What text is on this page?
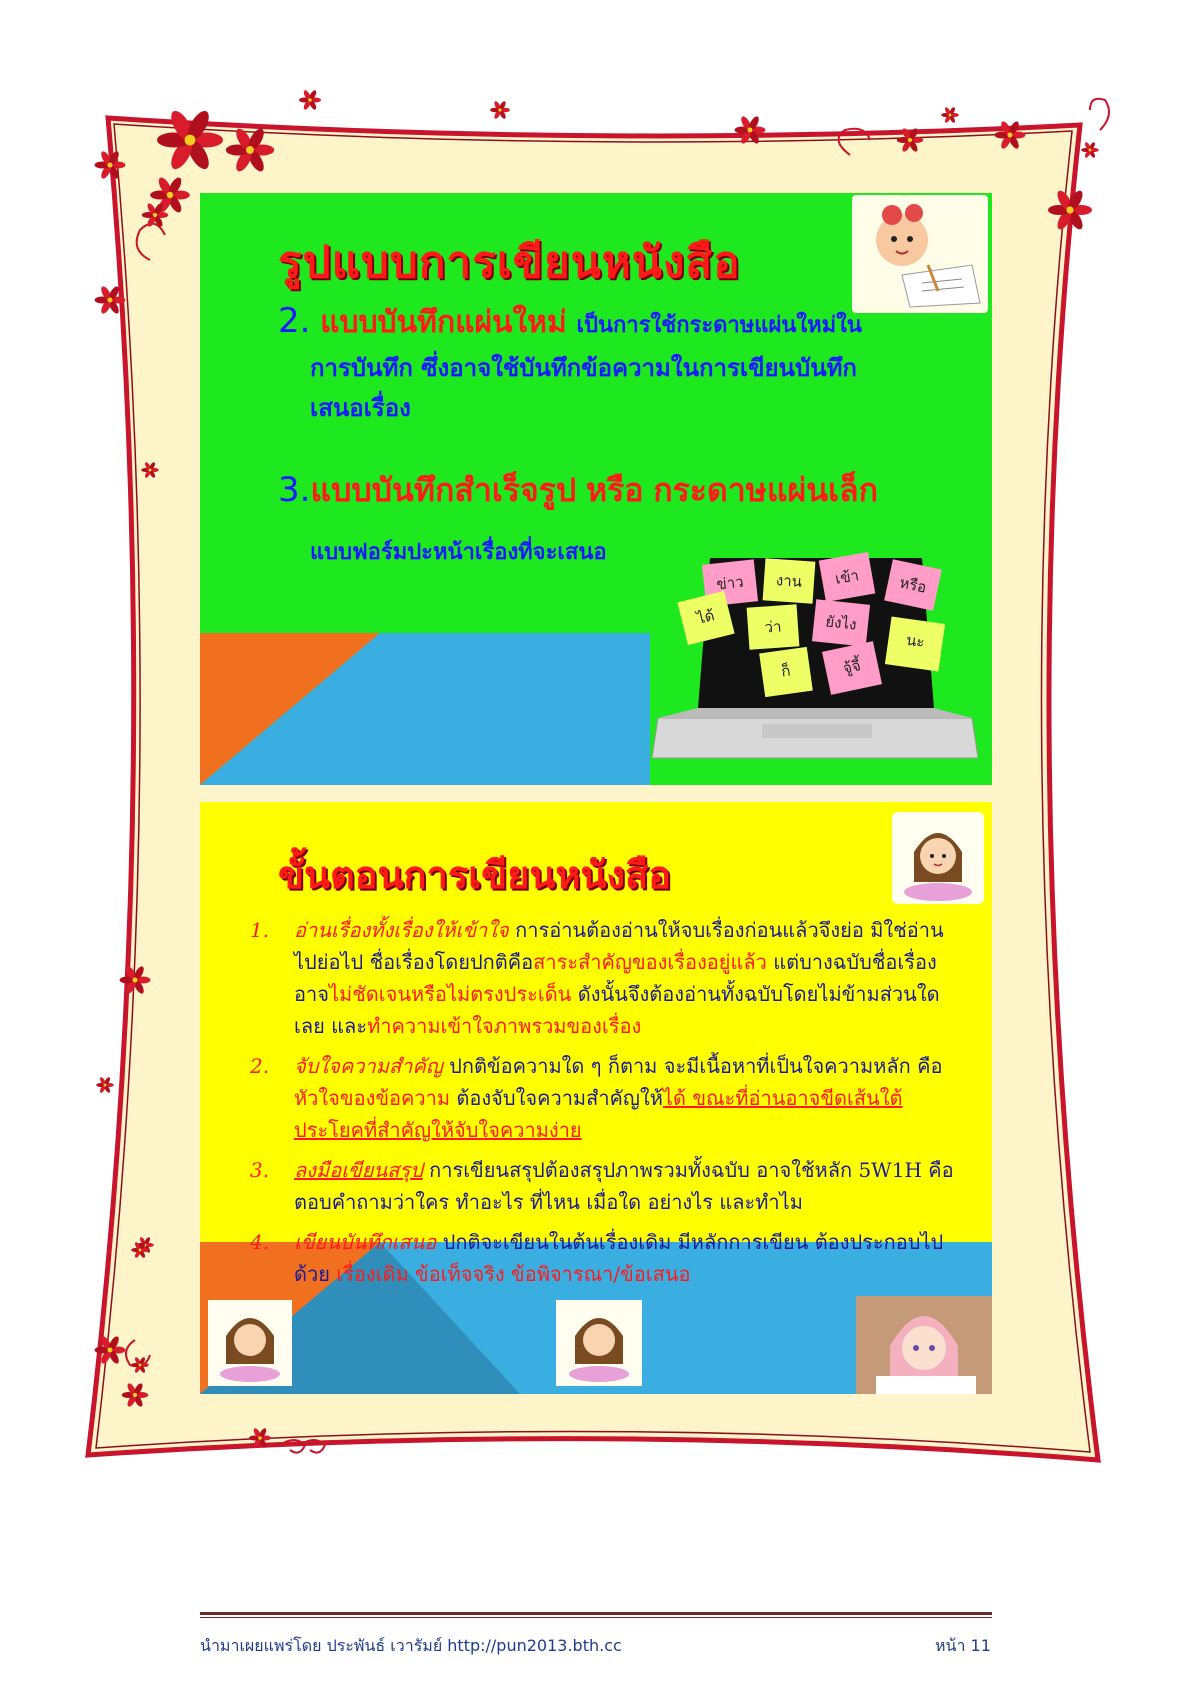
รูปแบบการเขียนหนังสือ
2. แบบบันทึกแผ่นใหม่ เป็นการใช้กระดาษแผ่นใหม่ใน
การบันทึก ซึ่งอาจใช้บันทึกข้อความในการเขียนบันทึก
เสนอเรื่อง
3.แบบบันทึกสำเร็จรูป หรือ กระดาษแผ่นเล็ก
แบบฟอร์มปะหน้าเรื่องที่จะเสนอ
ข่าว	งาน	เข้า	หรือ
ได้	ว่า	ยังไง
ก็	จู้จี้
นะ
ขั้นตอนการเขียนหนังสือ
1. อ่านเรื่องทั้งเรื่องให้เข้าใจ การอ่านต้องอ่านให้จบเรื่องก่อนแล้วจึงย่อ มิใช่อ่านไปย่อไป ชื่อเรื่องโดยปกติคือสาระสำคัญของเรื่องอยู่แล้ว แต่บางฉบับชื่อเรื่องอาจไม่ชัดเจนหรือไม่ตรงประเด็น ดังนั้นจึงต้องอ่านทั้งฉบับโดยไม่ข้ามส่วนใดเลย และทำความเข้าใจภาพรวมของเรื่อง
2. จับใจความสำคัญ ปกติข้อความใด ๆ ก็ตาม จะมีเนื้อหาที่เป็นใจความหลัก คือ หัวใจของข้อความ ต้องจับใจความสำคัญให้ได้ ขณะที่อ่านอาจขีดเส้นใต้ประโยคที่สำคัญให้จับใจความง่าย
3. ลงมือเขียนสรุป การเขียนสรุปต้องสรุปภาพรวมทั้งฉบับ อาจใช้หลัก 5W1H คือ ตอบคำถามว่าใคร ทำอะไร ที่ไหน เมื่อใด อย่างไร และทำไม
4. เขียนบันทึกเสนอ ปกติจะเขียนในต้นเรื่องเดิม มีหลักการเขียน ต้องประกอบไปด้วย เรื่องเดิม ข้อเท็จจริง ข้อพิจารณา/ข้อเสนอ
นำมาเผยแพร่โดย ประพันธ์ เวารัมย์ http://pun2013.bth.cc	หน้า 11
